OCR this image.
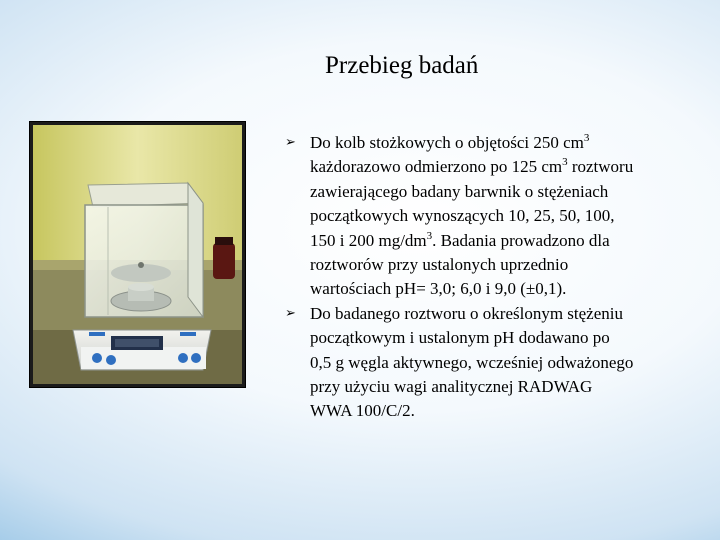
Przebieg badań
➢ Do kolb stożkowych o objętości 250 $cm^3$
każdorazowo odmierzono po 125 $cm^3$ roztworu
zawierającego badany barwnik o stężeniach
początkowych wynoszących 10, 25, 50, 100,
150 i 200 $mg/dm^3$. Badania prowadzono dla
roztworów przy ustalonych uprzednio
wartościach pH= 3,0; 6,0 i 9,0 (±0,1).
➢ Do badanego roztworu o określonym stężeniu
początkowym i ustalonym pH dodawano po
0,5 g węgla aktywnego, wcześniej odważonego
przy użyciu wagi analitycznej RADWAG
WWA 100/C/2.
